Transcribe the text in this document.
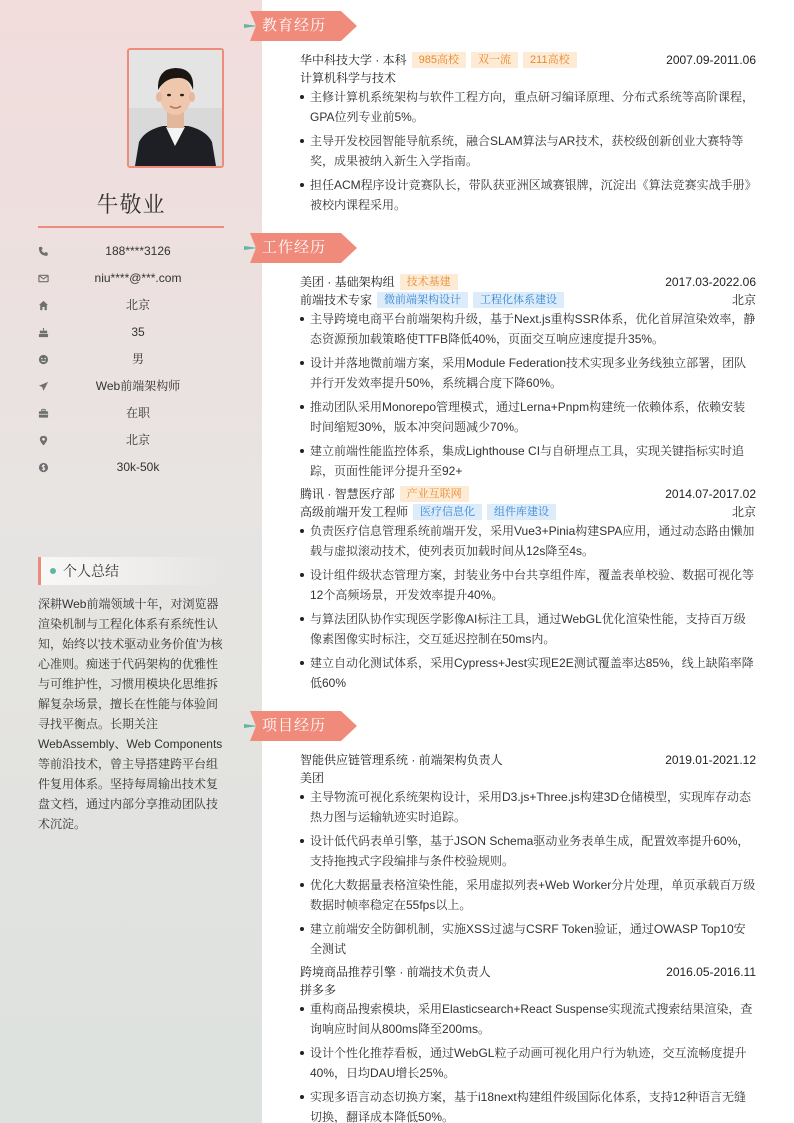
牛敬业
188****3126
niu****@***.com
北京
35
男
Web前端架构师
在职
北京
30k-50k
个人总结

深耕Web前端领域十年，对浏览器渲染机制与工程化体系有系统性认知，始终以'技术驱动业务价值'为核心准则。痴迷于代码架构的优雅性与可维护性，习惯用模块化思维拆解复杂场景，擅长在性能与体验间寻找平衡点。长期关注WebAssembly、Web Components等前沿技术，曾主导搭建跨平台组件复用体系。坚持每周输出技术复盘文档，通过内部分享推动团队技术沉淀。

教育经历
华中科技大学 · 本科 985高校 双一流 211高校	2007.09-2011.06
计算机科学与技术
主修计算机系统架构与软件工程方向，重点研习编译原理、分布式系统等高阶课程，GPA位列专业前5%。
主导开发校园智能导航系统，融合SLAM算法与AR技术，获校级创新创业大赛特等奖，成果被纳入新生入学指南。
担任ACM程序设计竞赛队长，带队获亚洲区域赛银牌，沉淀出《算法竞赛实战手册》被校内课程采用。
工作经历
美团 · 基础架构组 技术基建	2017.03-2022.06
前端技术专家 微前端架构设计 工程化体系建设	北京
主导跨境电商平台前端架构升级，基于Next.js重构SSR体系，优化首屏渲染效率，静态资源预加载策略使TTFB降低40%，页面交互响应速度提升35%。
设计并落地微前端方案，采用Module Federation技术实现多业务线独立部署，团队并行开发效率提升50%，系统耦合度下降60%。
推动团队采用Monorepo管理模式，通过Lerna+Pnpm构建统一依赖体系，依赖安装时间缩短30%，版本冲突问题减少70%。
建立前端性能监控体系，集成Lighthouse CI与自研埋点工具，实现关键指标实时追踪，页面性能评分提升至92+
腾讯 · 智慧医疗部 产业互联网	2014.07-2017.02
高级前端开发工程师 医疗信息化 组件库建设	北京
负责医疗信息管理系统前端开发，采用Vue3+Pinia构建SPA应用，通过动态路由懒加载与虚拟滚动技术，使列表页加载时间从12s降至4s。
设计组件级状态管理方案，封装业务中台共享组件库，覆盖表单校验、数据可视化等12个高频场景，开发效率提升40%。
与算法团队协作实现医学影像AI标注工具，通过WebGL优化渲染性能，支持百万级像素图像实时标注，交互延迟控制在50ms内。
建立自动化测试体系，采用Cypress+Jest实现E2E测试覆盖率达85%，线上缺陷率降低60%
项目经历
智能供应链管理系统 · 前端架构负责人	2019.01-2021.12
美团
主导物流可视化系统架构设计，采用D3.js+Three.js构建3D仓储模型，实现库存动态热力图与运输轨迹实时追踪。
设计低代码表单引擎，基于JSON Schema驱动业务表单生成，配置效率提升60%，支持拖拽式字段编排与条件校验规则。
优化大数据量表格渲染性能，采用虚拟列表+Web Worker分片处理，单页承载百万级数据时帧率稳定在55fps以上。
建立前端安全防御机制，实施XSS过滤与CSRF Token验证，通过OWASP Top10安全测试
跨境商品推荐引擎 · 前端技术负责人	2016.05-2016.11
拼多多
重构商品搜索模块，采用Elasticsearch+React Suspense实现流式搜索结果渲染，查询响应时间从800ms降至200ms。
设计个性化推荐看板，通过WebGL粒子动画可视化用户行为轨迹，交互流畅度提升40%，日均DAU增长25%。
实现多语言动态切换方案，基于i18next构建组件级国际化体系，支持12种语言无缝切换，翻译成本降低50%。
